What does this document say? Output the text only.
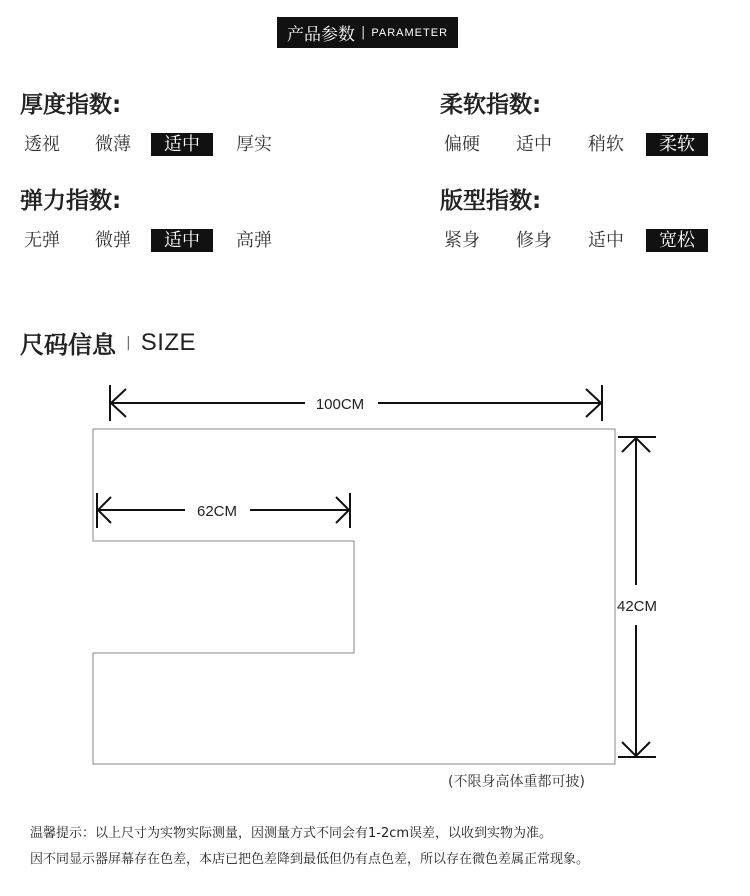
产品参数 | PARAMETER
厚度指数:
透视 微薄	适中	厚实
柔软指数:
偏硬 适中 稍软	柔软
弹力指数:
无弹 微弹	适中	高弹
版型指数:
紧身 修身 适中	宽松
尺码信息 | SIZE
100CM
62CM
42CM
(不限身高体重都可披)
温馨提示：以上尺寸为实物实际测量，因测量方式不同会有1-2cm误差，以收到实物为准。
因不同显示器屏幕存在色差，本店已把色差降到最低但仍有点色差，所以存在微色差属正常现象。
